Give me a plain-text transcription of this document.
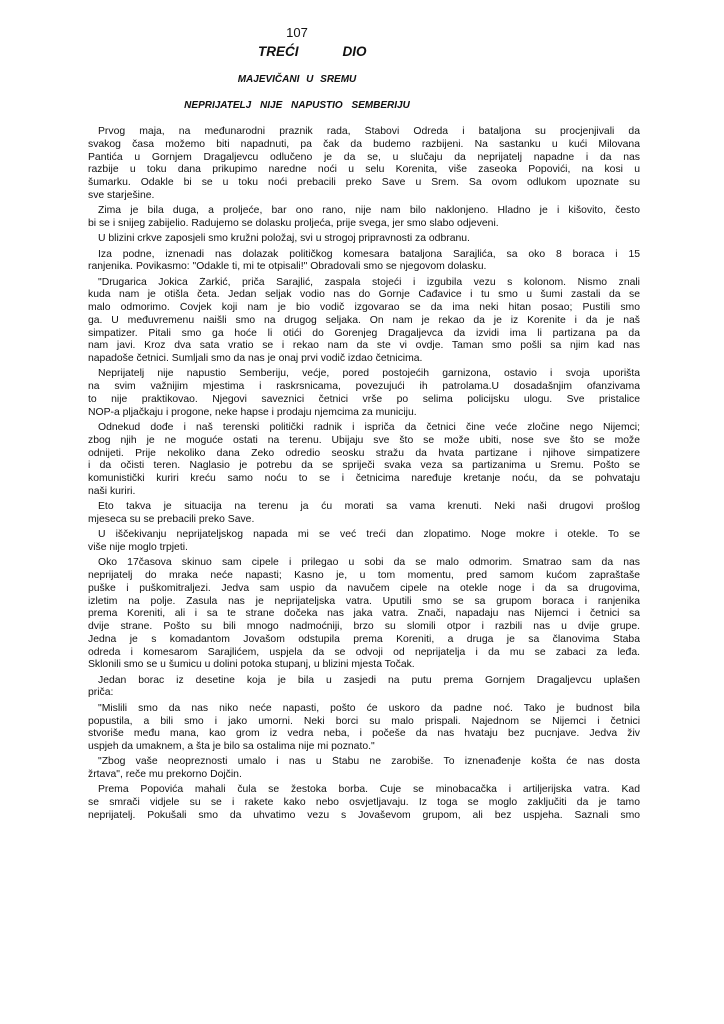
107
TREĆI	DIO
MAJEVIČANI U SREMU
NEPRIJATELJ NIJE NAPUSTIO SEMBERIJU
Prvog maja, na međunarodni praznik rada, Štabovi Odreda i bataljona su procjenjivali da
svakog časa možemo biti napadnuti, pa čak da budemo razbijeni. Na sastanku u kući Milovana
Pantića u Gornjem Dragaljevcu odlučeno je da se, u slučaju da neprijatelj napadne i da nas
razbije u toku dana prikupimo naredne noći u selu Korenita, više zaseoka Popovići, na kosi u
šumarku. Odakle bi se u toku noći prebacili preko Save u Srem. Sa ovom odlukom upoznate su
sve starješine.
Zima je bila duga, a proljeće, bar ono rano, nije nam bilo naklonjeno. Hladno je i kišovito, često
bi se i snijeg zabijelio. Radujemo se dolasku proljeća, prije svega, jer smo slabo odjeveni.
U blizini crkve zaposjeli smo kružni položaj, svi u strogoj pripravnosti za odbranu.
Iza podne, iznenadi nas dolazak političkog komesara bataljona Sarajlića, sa oko 8 boraca i 15
ranjenika. Povikasmo: "Odakle ti, mi te otpisali!" Obradovali smo se njegovom dolasku.
"Drugarica Jokica Žarkić, priča Sarajlić, zaspala stojeći i izgubila vezu s kolonom. Nismo znali
kuda nam je otišla četa. Jedan seljak vodio nas do Gornje Čađavice i tu smo u šumi zastali da se
malo odmorimo. Čovjek koji nam je bio vodič izgovarao se da ima neki hitan posao; Pustili smo
ga. U međuvremenu naišli smo na drugog seljaka. On nam je rekao da je iz Korenite i da je naš
simpatizer. Pitali smo ga hoće li otići do Gorenjeg Dragaljevca da izvidi ima li partizana pa da
nam javi. Kroz dva sata vratio se i rekao nam da ste vi ovdje. Taman smo pošli sa njim kad nas
napadoše četnici. Sumljali smo da nas je onaj prvi vodič izdao četnicima.
Neprijatelj nije napustio Semberiju, većje, pored postojećih garnizona, ostavio i svoja uporišta
na svim važnijim mjestima i raskrsnicama, povezujući ih patrolama.U dosadašnjim ofanzivama
to nije praktikovao. Njegovi saveznici četnici vrše po selima policijsku ulogu. Sve pristalice
NOP-a pljačkaju i progone, neke hapse i prodaju njemcima za municiju.
Odnekud dođe i naš terenski politički radnik i ispriča da četnici čine veće zločine nego Nijemci;
zbog njih je ne moguće ostati na terenu. Ubijaju sve što se može ubiti, nose sve što se može
odnijeti. Prije nekoliko dana Zeko odredio seosku stražu da hvata partizane i njihove simpatizere
i da očisti teren. Naglasio je potrebu da se spriječi svaka veza sa partizanima u Sremu. Pošto se
komunistički kuriri kreću samo noću to se i četnicima naređuje kretanje noću, da se pohvataju
naši kuriri.
Eto takva je situacija na terenu ja ću morati sa vama krenuti. Neki naši drugovi prošlog
mjeseca su se prebacili preko Save.
U iščekivanju neprijateljskog napada mi se već treći dan zlopatimo. Noge mokre i otekle. To se
više nije moglo trpjeti.
Oko 17časova skinuo sam cipele i prilegao u sobi da se malo odmorim. Smatrao sam da nas
neprijatelj do mraka neće napasti; Kasno je, u tom momentu, pred samom kućom zapraštaše
puške i puškomitraljezi. Jedva sam uspio da navučem cipele na otekle noge i da sa drugovima,
izletim na polje. Zasula nas je neprijateljska vatra. Uputili smo se sa grupom boraca i ranjenika
prema Koreniti, ali i sa te strane dočeka nas jaka vatra. Znači, napadaju nas Nijemci i četnici sa
dvije strane. Pošto su bili mnogo nadmoćniji, brzo su slomili otpor i razbili nas u dvije grupe.
Jedna je s komadantom Jovašom odstupila prema Koreniti, a druga je sa članovima Štaba
odreda i komesarom Sarajlićem, uspjela da se odvoji od neprijatelja i da mu se zabaci za leđa.
Sklonili smo se u šumicu u dolini potoka stupanj, u blizini mjesta Točak.
Jedan borac iz desetine koja je bila u zasjedi na putu prema Gornjem Dragaljevcu uplašen
priča:
"Mislili smo da nas niko neće napasti, pošto će uskoro da padne noć. Tako je budnost bila
popustila, a bili smo i jako umorni. Neki borci su malo prispali. Najednom se Nijemci i četnici
stvoriše među mana, kao grom iz vedra neba, i počeše da nas hvataju bez pucnjave. Jedva živ
uspjeh da umaknem, a šta je bilo sa ostalima nije mi poznato."
"Zbog vaše neopreznosti umalo i nas u Štabu ne zarobiše. To iznenađenje košta će nas dosta
žrtava", reče mu prekorno Dojčin.
Prema Popovića mahali čula se žestoka borba. Čuje se minobacačka i artiljerijska vatra. Kad
se smrači vidjele su se i rakete kako nebo osvjetljavaju. Iz toga se moglo zaključiti da je tamo
neprijatelj. Pokušali smo da uhvatimo vezu s Jovaševom grupom, ali bez uspjeha. Saznali smo
